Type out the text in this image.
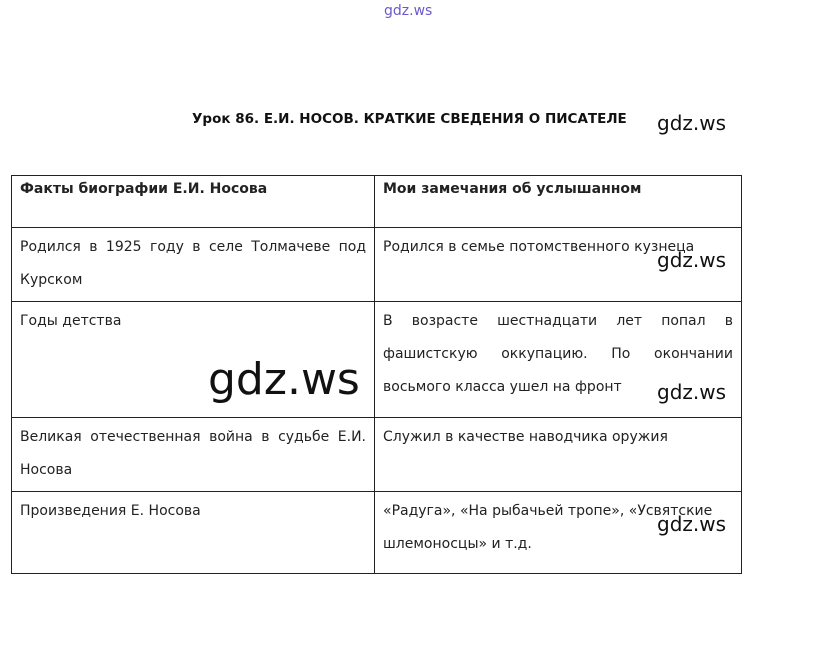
gdz.ws
Урок 86. Е.И. НОСОВ. КРАТКИЕ СВЕДЕНИЯ О ПИСАТЕЛЕ gdz.ws
Факты биографии Е.И. Носова	Мои замечания об услышанном
Родился в 1925 году в селе Толмачеве под Курском	Родился в семье потомственного кузнеца
Годы детства	В возрасте шестнадцати лет попал в фашистскую оккупацию. По окончании восьмого класса ушел на фронт
Великая отечественная война в судьбе Е.И. Носова	Служил в качестве наводчика оружия
Произведения Е. Носова	«Радуга», «На рыбачьей тропе», «Усвятские шлемоносцы» и т.д.
gdz.ws
gdz.ws	gdz.ws
gdz.ws
